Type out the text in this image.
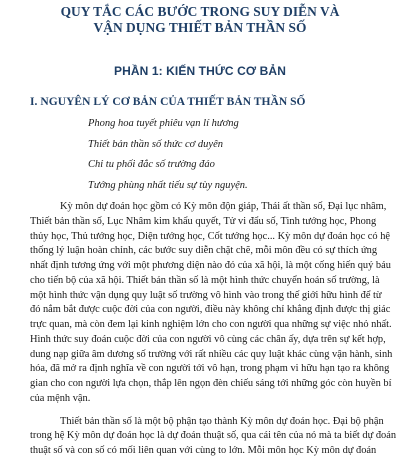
QUY TẮC CÁC BƯỚC TRONG SUY DIỄN VÀ
VẬN DỤNG THIẾT BẢN THẦN SỐ
PHẦN 1: KIẾN THỨC CƠ BẢN
I. NGUYÊN LÝ CƠ BẢN CỦA THIẾT BẢN THẦN SỐ
Phong hoa tuyết phiêu vạn lí hương
Thiết bản thần số thức cơ duyên
Chỉ tu phối đắc số trường đáo
Tướng phùng nhất tiếu sự tùy nguyện.
Kỳ môn dự đoán học gồm có Kỳ môn độn giáp, Thái ất thần số, Đại lục nhâm,
Thiết bản thần số, Lục Nhâm kim khẩu quyết, Tử vi đẩu số, Tinh tướng học, Phong
thủy học, Thủ tướng học, Diện tướng học, Cốt tướng học... Kỳ môn dự đoán học có hệ
thống lý luận hoàn chỉnh, các bước suy diễn chặt chẽ, mỗi môn đều có sự thích ứng
nhất định tương ứng với một phương diện nào đó của xã hội, là một cống hiến quý báu
cho tiến bộ của xã hội. Thiết bản thần số là một hình thức chuyển hoán số trường, là
một hình thức vận dụng quy luật số trường vô hình vào trong thế giới hữu hình để từ
đó nắm bắt được cuộc đời của con người, điều này không chỉ khẳng định được thị giác
trực quan, mà còn đem lại kinh nghiệm lớn cho con người qua những sự việc nhỏ nhất.
Hình thức suy đoán cuộc đời của con người vô cùng các chân ấy, dựa trên sự kết hợp,
dung nạp giữa âm dương số trường với rất nhiều các quy luật khác cùng vận hành, sinh
hóa, đã mở ra định nghĩa về con người tới vô hạn, trong phạm vi hữu hạn tạo ra không
gian cho con người lựa chọn, thắp lên ngọn đèn chiếu sáng tới những góc còn huyền bí
của mệnh vận.
Thiết bản thần số là một bộ phận tạo thành Kỳ môn dự đoán học. Đại bộ phận
trong hệ Kỳ môn dự đoán học là dự đoán thuật số, qua cái tên của nó mà ta biết dự đoán
thuật số và con số có mối liên quan với cùng to lớn. Mỗi môn học Kỳ môn dự đoán
